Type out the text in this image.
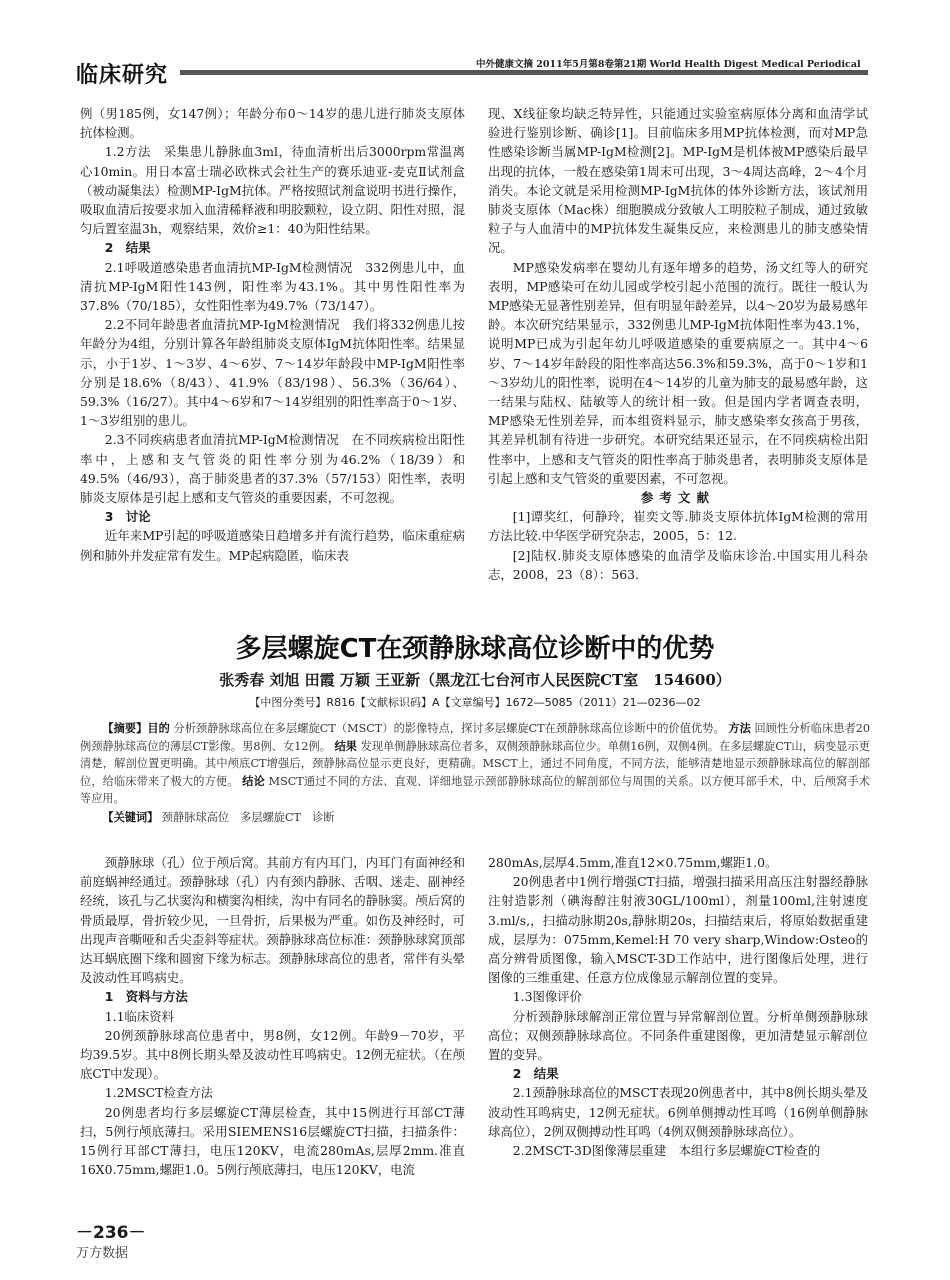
临床研究	中外健康文摘 2011年5月第8卷第21期 World Health Digest Medical Periodical

例（男185例，女147例）；年龄分布0～14岁的患儿进行肺炎支原体抗体检测。

1.2方法　采集患儿静脉血3ml，待血清析出后3000rpm常温离心10min。用日本富士瑞必欧株式会社生产的赛乐迪亚-麦克Ⅱ试剂盒（被动凝集法）检测MP-IgM抗体。严格按照试剂盒说明书进行操作，吸取血清后按要求加入血清稀释液和明胶颗粒，设立阴、阳性对照，混匀后置室温3h，观察结果，效价≥1：40为阳性结果。

2　结果

2.1呼吸道感染患者血清抗MP-IgM检测情况　332例患儿中，血清抗MP-IgM阳性143例，阳性率为43.1%。其中男性阳性率为37.8%（70/185），女性阳性率为49.7%（73/147）。

2.2不同年龄患者血清抗MP-IgM检测情况　我们将332例患儿按年龄分为4组，分别计算各年龄组肺炎支原体IgM抗体阳性率。结果显示，小于1岁、1～3岁、4～6岁、7～14岁年龄段中MP-IgM阳性率分别是18.6%（8/43）、41.9%（83/198）、56.3%（36/64）、59.3%（16/27）。其中4～6岁和7～14岁组别的阳性率高于0～1岁、1～3岁组别的患儿。

2.3不同疾病患者血清抗MP-IgM检测情况　在不同疾病检出阳性率中，上感和支气管炎的阳性率分别为46.2%（18/39）和49.5%（46/93），高于肺炎患者的37.3%（57/153）阳性率，表明肺炎支原体是引起上感和支气管炎的重要因素，不可忽视。

3　讨论

近年来MP引起的呼吸道感染日趋增多并有流行趋势，临床重症病例和肺外并发症常有发生。MP起病隐匿，临床表

现、X线征象均缺乏特异性，只能通过实验室病原体分离和血清学试验进行鉴别诊断、确诊[1]。目前临床多用MP抗体检测，而对MP急性感染诊断当属MP-IgM检测[2]。MP-IgM是机体被MP感染后最早出现的抗体，一般在感染第1周末可出现，3～4周达高峰，2～4个月消失。本论文就是采用检测MP-IgM抗体的体外诊断方法，该试剂用肺炎支原体（Mac株）细胞膜成分致敏人工明胶粒子制成，通过致敏粒子与人血清中的MP抗体发生凝集反应，来检测患儿的肺支感染情况。

MP感染发病率在婴幼儿有逐年增多的趋势，汤文红等人的研究表明，MP感染可在幼儿园或学校引起小范围的流行。既往一般认为MP感染无显著性别差异，但有明显年龄差异，以4～20岁为最易感年龄。本次研究结果显示，332例患儿MP-IgM抗体阳性率为43.1%，说明MP已成为引起年幼儿呼吸道感染的重要病原之一。其中4～6岁、7～14岁年龄段的阳性率高达56.3%和59.3%，高于0～1岁和1～3岁幼儿的阳性率，说明在4～14岁的儿童为肺支的最易感年龄，这一结果与陆权、陆敏等人的统计相一致。但是国内学者调查表明，MP感染无性别差异，而本组资料显示，肺支感染率女孩高于男孩，其差异机制有待进一步研究。本研究结果还显示，在不同疾病检出阳性率中，上感和支气管炎的阳性率高于肺炎患者，表明肺炎支原体是引起上感和支气管炎的重要因素，不可忽视。

参考文献

[1]谭奖红，何静玲，崔奕文等.肺炎支原体抗体IgM检测的常用方法比较.中华医学研究杂志，2005，5：12.

[2]陆权.肺炎支原体感染的血清学及临床诊治.中国实用儿科杂志，2008，23（8）：563.

多层螺旋CT在颈静脉球高位诊断中的优势
张秀春 刘旭 田霞 万颖 王亚新（黑龙江七台河市人民医院CT室　154600）
【中图分类号】R816【文献标识码】A【文章编号】1672—5085（2011）21—0236—02
【摘要】目的 分析颈静脉球高位在多层螺旋CT（MSCT）的影像特点，探讨多层螺旋CT在颈静脉球高位诊断中的价值优势。 方法 回顾性分析临床患者20例颈静脉球高位的薄层CT影像。男8例、女12例。 结果 发现单侧静脉球高位者多，双侧颈静脉球高位少。单侧16例，双侧4例。在多层螺旋CT山，病变显示更清楚，解剖位置更明确。其中颅底CT增强后，颈静脉高位显示更良好，更精确。MSCT上，通过不同角度，不同方法，能够清楚地显示颈静脉球高位的解剖部位，给临床带来了极大的方便。 结论 MSCT通过不同的方法、直观、详细地显示颈部静脉球高位的解剖部位与周围的关系。以方便耳部手术，中、后颅窝手术等应用。
【关键词】 颈静脉球高位　多层螺旋CT　诊断

颈静脉球（孔）位于颅后窝。其前方有内耳门，内耳门有面神经和前庭蜗神经通过。颈静脉球（孔）内有颈内静脉、舌咽、迷走、副神经经统，该孔与乙状窦沟和横窦沟相续，沟中有同名的静脉窦。颅后窝的骨质最厚，骨折较少见，一旦骨折，后果极为严重。如伤及神经时，可出现声音嘶哑和舌尖歪斜等症状。颈静脉球高位标准：颈静脉球窝顶部达耳蜗底圈下缘和圆窗下缘为标志。颈静脉球高位的患者，常伴有头晕及波动性耳鸣病史。

1　资料与方法

1.1临床资料

20例颈静脉球高位患者中，男8例，女12例。年龄9－70岁，平均39.5岁。其中8例长期头晕及波动性耳鸣病史。12例无症状。（在颅底CT中发现）。

1.2MSCT检查方法

20例患者均行多层螺旋CT薄层检查，其中15例进行耳部CT薄扫，5例行颅底薄扫。采用SIEMENS16层螺旋CT扫描，扫描条件：15例行耳部CT薄扫，电压120KV，电流280mAs,层厚2mm.准直16X0.75mm,螺距1.0。5例行颅底薄扫，电压120KV，电流

280mAs,层厚4.5mm,准直12×0.75mm,螺距1.0。

20例患者中1例行增强CT扫描，增强扫描采用高压注射器经静脉注射造影剂（碘海醇注射液30GL/100ml），剂量100ml,注射速度3.ml/s,，扫描动脉期20s,静脉期20s，扫描结束后，将原始数据重建成，层厚为：075mm,Kemel:H 70 very sharp,Window:Osteo的高分辨骨质图像，输入MSCT-3D工作站中，进行图像后处理，进行图像的三维重建、任意方位成像显示解剖位置的变异。

1.3图像评价

分析颈静脉球解剖正常位置与异常解剖位置。分析单侧颈静脉球高位；双侧颈静脉球高位。不同条件重建图像，更加清楚显示解剖位置的变异。

2　结果

2.1颈静脉球高位的MSCT表现20例患者中，其中8例长期头晕及波动性耳鸣病史，12例无症状。6例单侧搏动性耳鸣（16例单侧静脉球高位），2例双侧搏动性耳鸣（4例双侧颈静脉球高位）。

2.2MSCT-3D图像薄层重建　本组行多层螺旋CT检查的

－236－
万方数据
